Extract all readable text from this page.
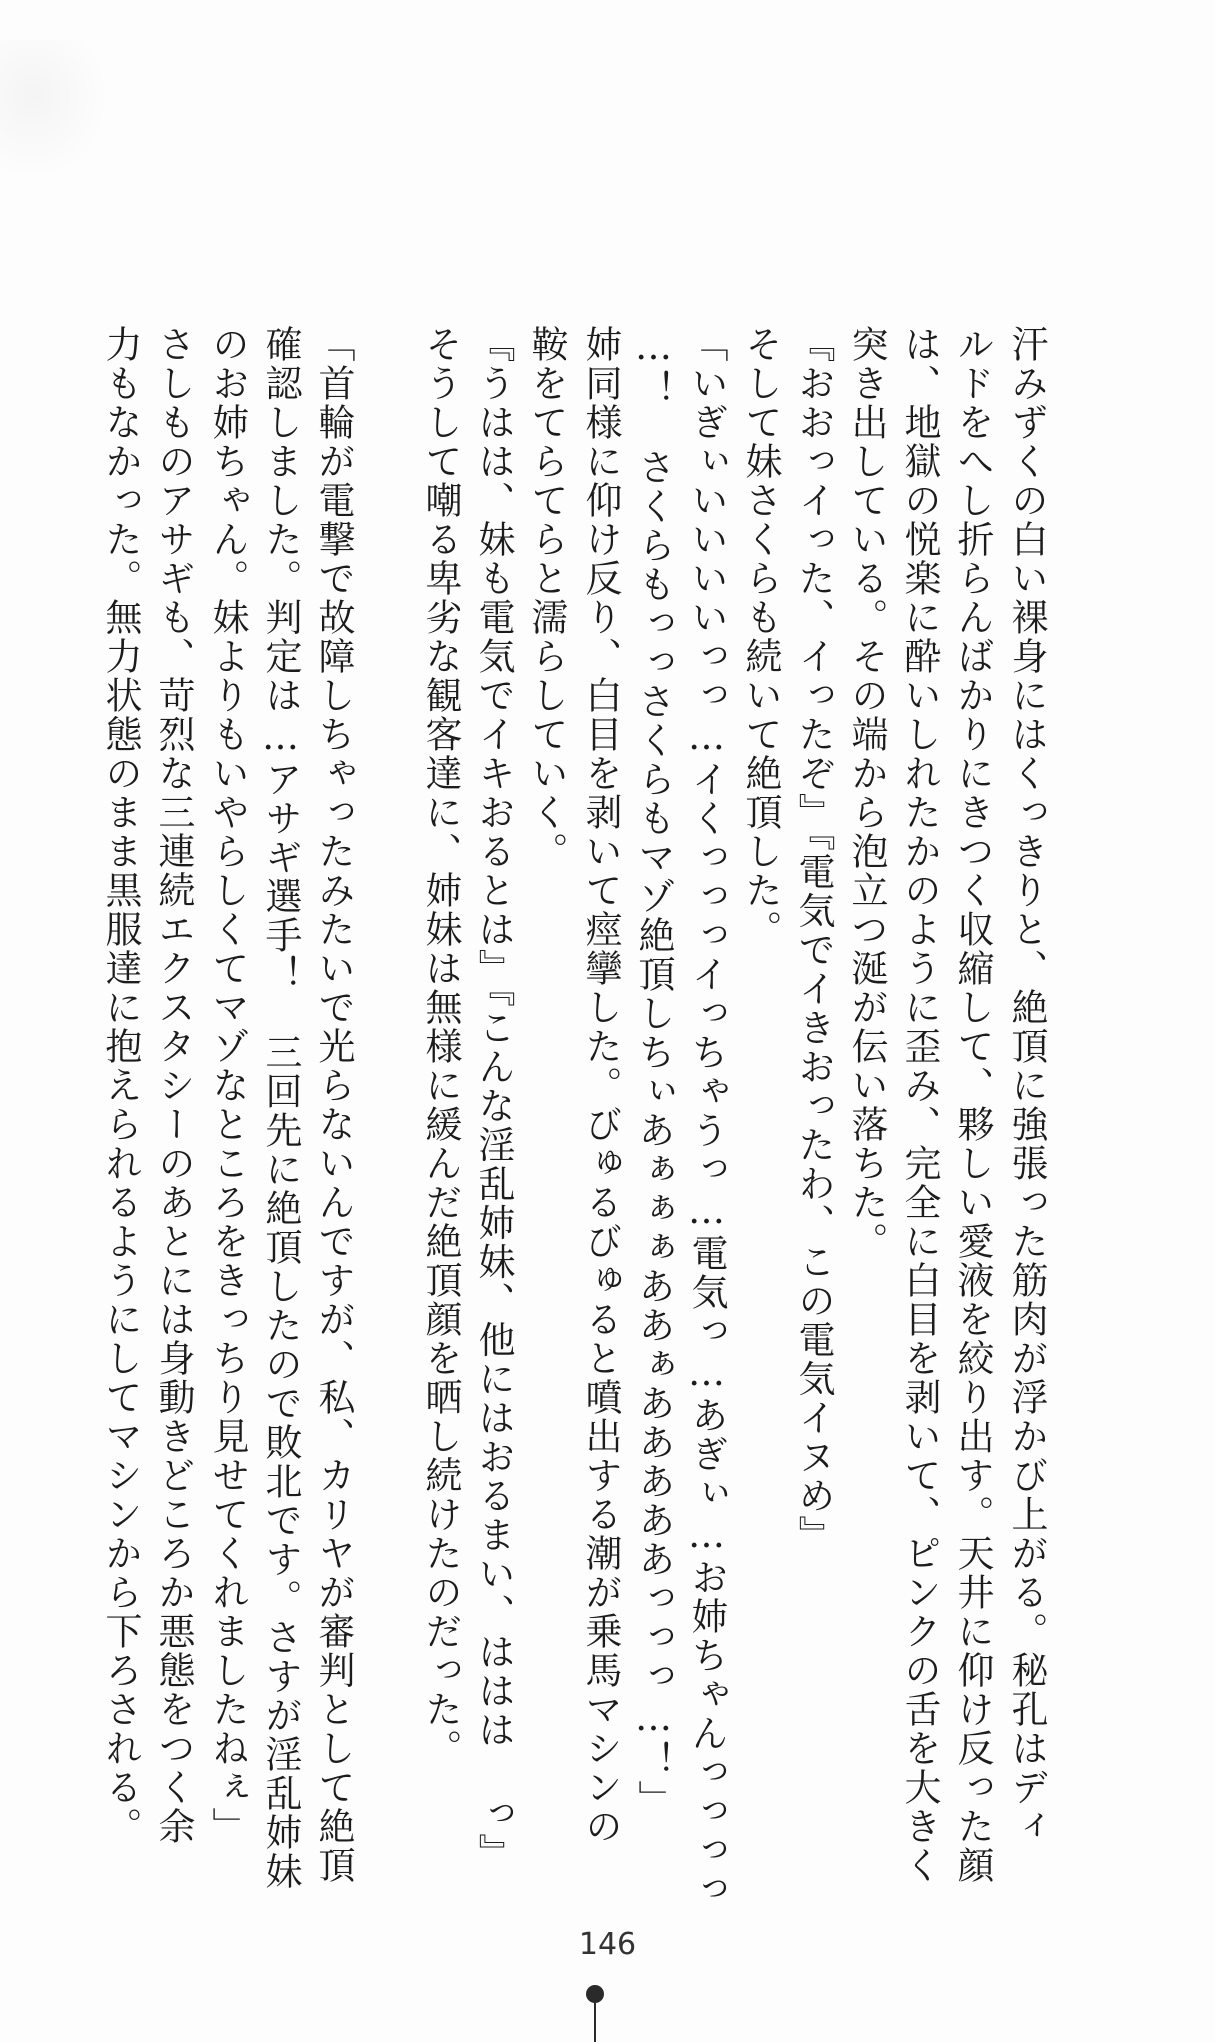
汗みずくの白い裸身にはくっきりと、絶頂に強張った筋肉が浮かび上がる。秘孔はディ
ルドをへし折らんばかりにきつく収縮して、夥しい愛液を絞り出す。天井に仰け反った顔
は、地獄の悦楽に酔いしれたかのように歪み、完全に白目を剥いて、ピンクの舌を大きく
突き出している。その端から泡立つ涎が伝い落ちた。
『おおっイった、イったぞ』『電気でイきおったわ、この電気イヌめ』
そして妹さくらも続いて絶頂した。
「いぎぃいいいいっっ…イくっっっイっちゃうっ…電気っ…あぎぃ…お姉ちゃんっっっっ
…！　さくらもっっさくらもマゾ絶頂しちぃあぁぁぁああぁあああああっっっ…！」
姉同様に仰け反り、白目を剥いて痙攣した。びゅるびゅると噴出する潮が乗馬マシンの
鞍をてらてらと濡らしていく。
『うはは、妹も電気でイキおるとは』『こんな淫乱姉妹、他にはおるまい、ははは っ』
そうして嘲る卑劣な観客達に、姉妹は無様に緩んだ絶頂顔を晒し続けたのだった。
「首輪が電撃で故障しちゃったみたいで光らないんですが、私、カリヤが審判として絶頂
確認しました。判定は…アサギ選手！　三回先に絶頂したので敗北です。さすが淫乱姉妹
のお姉ちゃん。妹よりもいやらしくてマゾなところをきっちり見せてくれましたねぇ」
さしものアサギも、苛烈な三連続エクスタシーのあとには身動きどころか悪態をつく余
力もなかった。無力状態のまま黒服達に抱えられるようにしてマシンから下ろされる。
146
